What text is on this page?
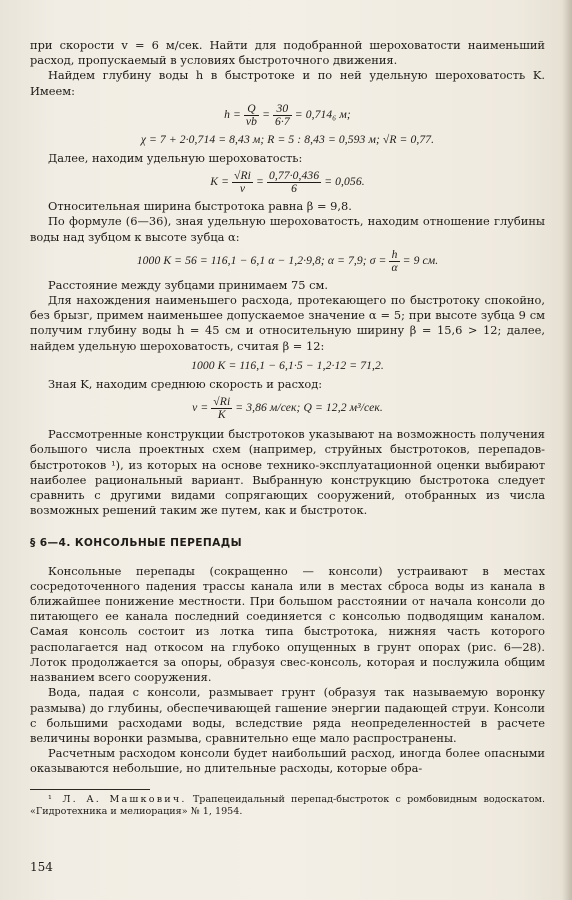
при скорости v = 6 м/сек. Найти для подобранной шероховатости наименьший расход, пропускаемый в условиях быстроточного движения.

Найдем глубину воды h в быстротоке и по ней удельную шероховатость K. Имеем:

$h = \frac{Q}{vb} = \frac{30}{6\cdot 7} = 0,714_6$ м;
χ = 7 + 2·0,714 = 8,43 м; R = 5 : 8,43 = 0,593 м; √R = 0,77.

Далее, находим удельную шероховатость:

$K = \frac{√Ri}{v} = \frac{0,77\cdot 0,436}{6} = 0,056$.

Относительная ширина быстротока равна β = 9,8.

По формуле (6—36), зная удельную шероховатость, находим отношение глубины воды над зубцом к высоте зубца α:

1000 K = 56 = 116,1 − 6,1 α − 1,2·9,8; α = 7,9; $\sigma = \frac{h}{\alpha} = 9$ см.

Расстояние между зубцами принимаем 75 см.

Для нахождения наименьшего расхода, протекающего по быстротоку спокойно, без брызг, примем наименьшее допускаемое значение α = 5; при высоте зубца 9 см получим глубину воды h = 45 см и относительную ширину β = 15,6 > 12; далее, найдем удельную шероховатость, считая β = 12:

1000 K = 116,1 − 6,1·5 − 1,2·12 = 71,2.

Зная K, находим среднюю скорость и расход:

$v = \frac{√Ri}{K} = 3,86$ м/сек; Q = 12,2 м³/сек.

Рассмотренные конструкции быстротоков указывают на возможность получения большого числа проектных схем (например, струйных быстротоков, перепадов-быстротоков ¹), из которых на основе технико-эксплуатационной оценки выбирают наиболее рациональный вариант. Выбранную конструкцию быстротока следует сравнить с другими видами сопрягающих сооружений, отобранных из числа возможных решений таким же путем, как и быстроток.

§ 6—4. КОНСОЛЬНЫЕ ПЕРЕПАДЫ

Консольные перепады (сокращенно — консоли) устраивают в местах сосредоточенного падения трассы канала или в местах сброса воды из канала в ближайшее понижение местности. При большом расстоянии от начала консоли до питающего ее канала последний соединяется с консолью подводящим каналом. Самая консоль состоит из лотка типа быстротока, нижняя часть которого располагается над откосом на глубоко опущенных в грунт опорах (рис. 6—28). Лоток продолжается за опоры, образуя свес-консоль, которая и послужила общим названием всего сооружения.

Вода, падая с консоли, размывает грунт (образуя так называемую воронку размыва) до глубины, обеспечивающей гашение энергии падающей струи. Консоли с большими расходами воды, вследствие ряда неопределенностей в расчете величины воронки размыва, сравнительно еще мало распространены.

Расчетным расходом консоли будет наибольший расход, иногда более опасными оказываются небольшие, но длительные расходы, которые обра-

¹ Л. А. Машкович. Трапецеидальный перепад-быстроток с ромбовидным водоскатом. «Гидротехника и мелиорация» № 1, 1954.

154
